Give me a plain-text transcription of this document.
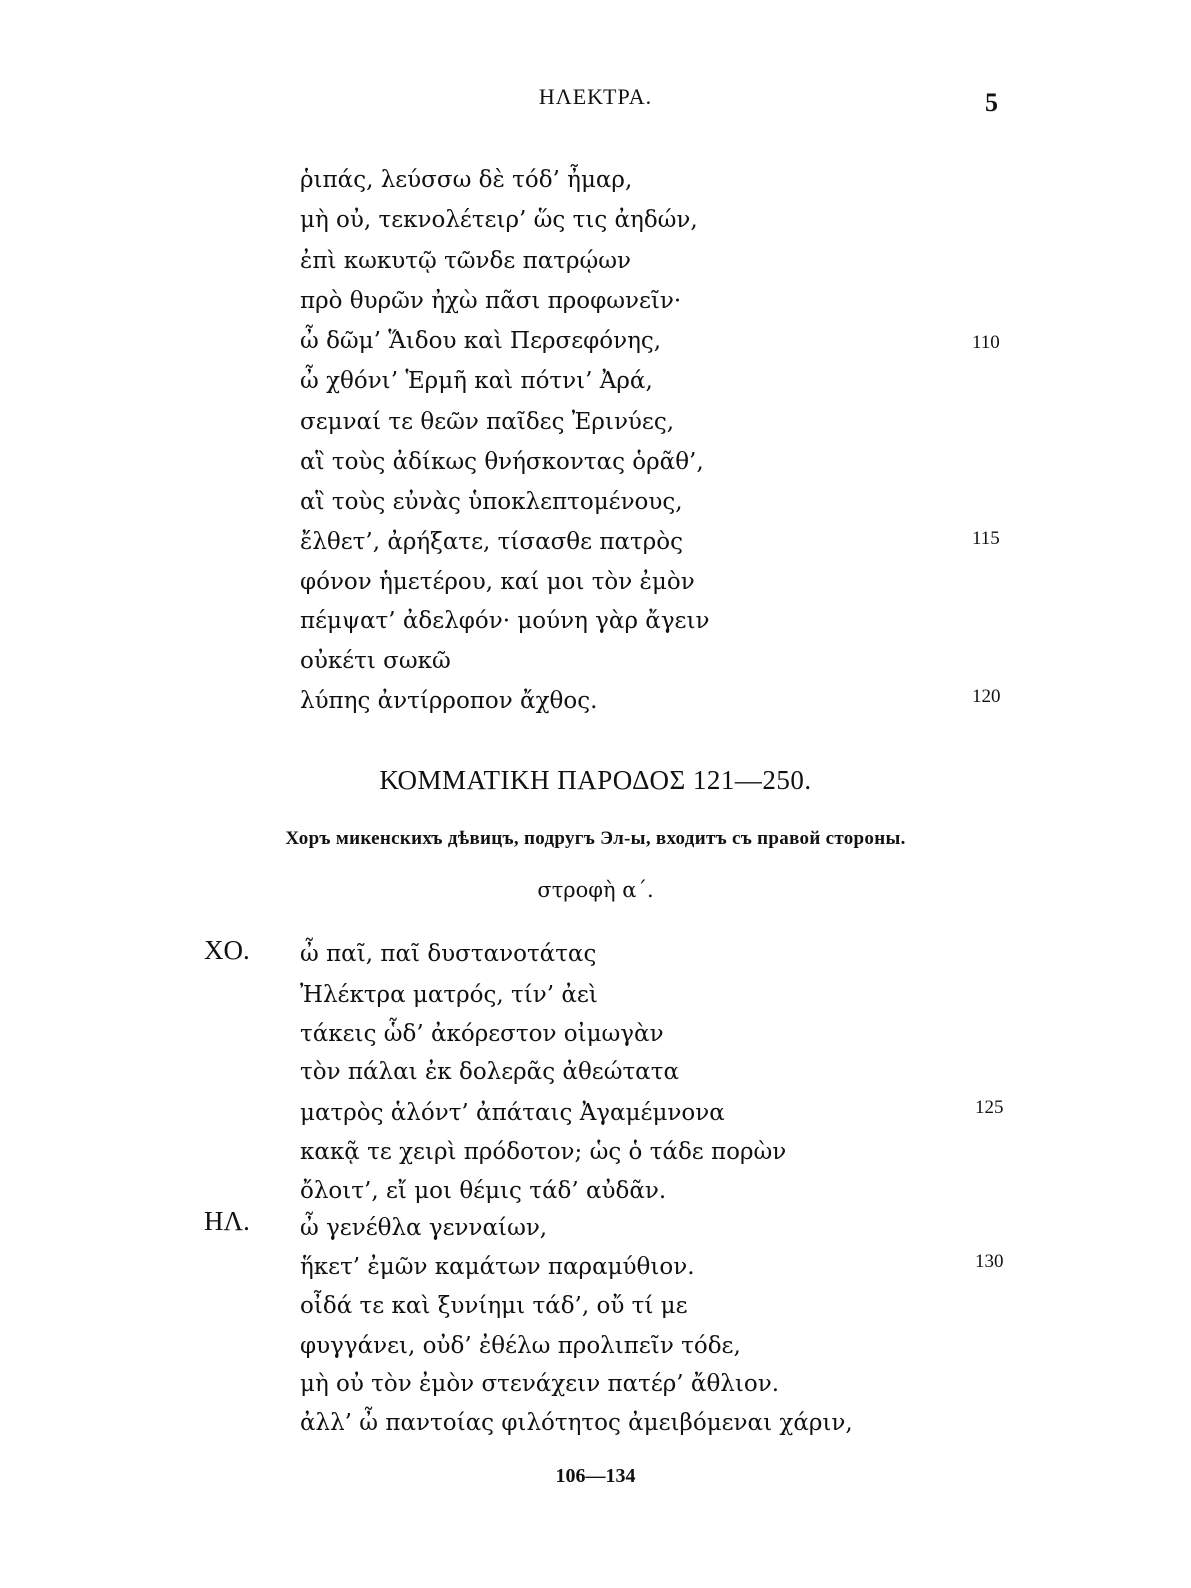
ΗΛΕΚΤΡΑ.	5
ῥιπάς, λεύσσω δὲ τόδ’ ἦμαρ,
μὴ οὐ, τεκνολέτειρ’ ὥς τις ἀηδών,
ἐπὶ κωκυτῷ τῶνδε πατρῴων
πρὸ θυρῶν ἠχὼ πᾶσι προφωνεῖν·
ὦ δῶμ’ Ἅιδου καὶ Περσεφόνης,
ὦ χθόνι’ Ἑρμῆ καὶ πότνι’ Ἀρά,
σεμναί τε θεῶν παῖδες Ἐρινύες,
αἳ τοὺς ἀδίκως θνήσκοντας ὁρᾶθ’,
αἳ τοὺς εὐνὰς ὑποκλεπτομένους,
ἔλθετ’, ἀρήξατε, τίσασθε πατρὸς
φόνον ἡμετέρου, καί μοι τὸν ἐμὸν
πέμψατ’ ἀδελφόν· μούνη γὰρ ἄγειν
οὐκέτι σωκῶ
λύπης ἀντίρροπον ἄχθος.
110
115
120
ΚΟΜΜΑΤΙΚΗ ΠΑΡΟΔΟΣ 121—250.
Хоръ микенскихъ дѣвицъ, подругъ Эл-ы, входитъ съ правой стороны.
στροφὴ α΄.
ΧΟ.
ΗΛ.
ὦ παῖ, παῖ δυστανοτάτας
Ἠλέκτρα ματρός, τίν’ ἀεὶ
τάκεις ὧδ’ ἀκόρεστον οἰμωγὰν
τὸν πάλαι ἐκ δολερᾶς ἀθεώτατα
ματρὸς ἁλόντ’ ἀπάταις Ἀγαμέμνονα
κακᾷ τε χειρὶ πρόδοτον; ὡς ὁ τάδε πορὼν
ὄλοιτ’, εἴ μοι θέμις τάδ’ αὐδᾶν.
ὦ γενέθλα γενναίων,
ἥκετ’ ἐμῶν καμάτων παραμύθιον.
οἶδά τε καὶ ξυνίημι τάδ’, οὔ τί με
φυγγάνει, οὐδ’ ἐθέλω προλιπεῖν τόδε,
μὴ οὐ τὸν ἐμὸν στενάχειν πατέρ’ ἄθλιον.
ἀλλ’ ὦ παντοίας φιλότητος ἀμειβόμεναι χάριν,
125
130
106—134
